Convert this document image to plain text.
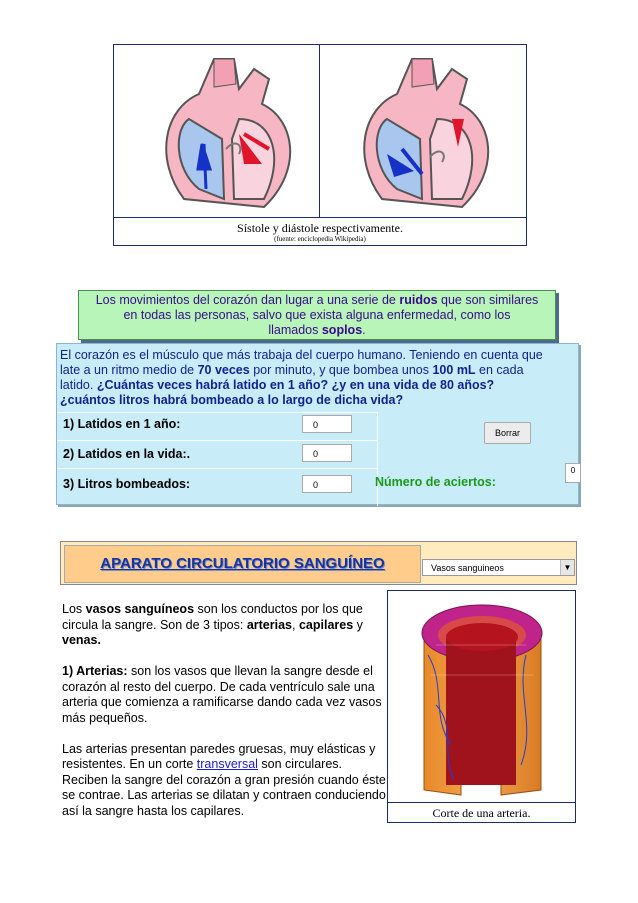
Sístole y diástole respectivamente.
(fuente: enciclopedia Wikipedia)
Los movimientos del corazón dan lugar a una serie de ruidos que son similares
en todas las personas, salvo que exista alguna enfermedad, como los
llamados soplos.
El corazón es el músculo que más trabaja del cuerpo humano. Teniendo en cuenta que
late a un ritmo medio de 70 veces por minuto, y que bombea unos 100 mL en cada
latido. ¿Cuántas veces habrá latido en 1 año? ¿y en una vida de 80 años?
¿cuántos litros habrá bombeado a lo largo de dicha vida?
1) Latidos en 1 año:	0
2) Latidos en la vida:.	0
3) Litros bombeados:	0
Borrar
Número de aciertos:
0
APARATO CIRCULATORIO SANGUÍNEO	Vasos sanguineos	▼

Los vasos sanguíneos son los conductos por los que circula la sangre. Son de 3 tipos: arterias, capilares y venas.

1) Arterias: son los vasos que llevan la sangre desde el corazón al resto del cuerpo. De cada ventrículo sale una arteria que comienza a ramificarse dando cada vez vasos más pequeños.

Las arterias presentan paredes gruesas, muy elásticas y resistentes. En un corte transversal son circulares. Reciben la sangre del corazón a gran presión cuando éste se contrae. Las arterias se dilatan y contraen conduciendo así la sangre hasta los capilares.	Corte de una arteria.
